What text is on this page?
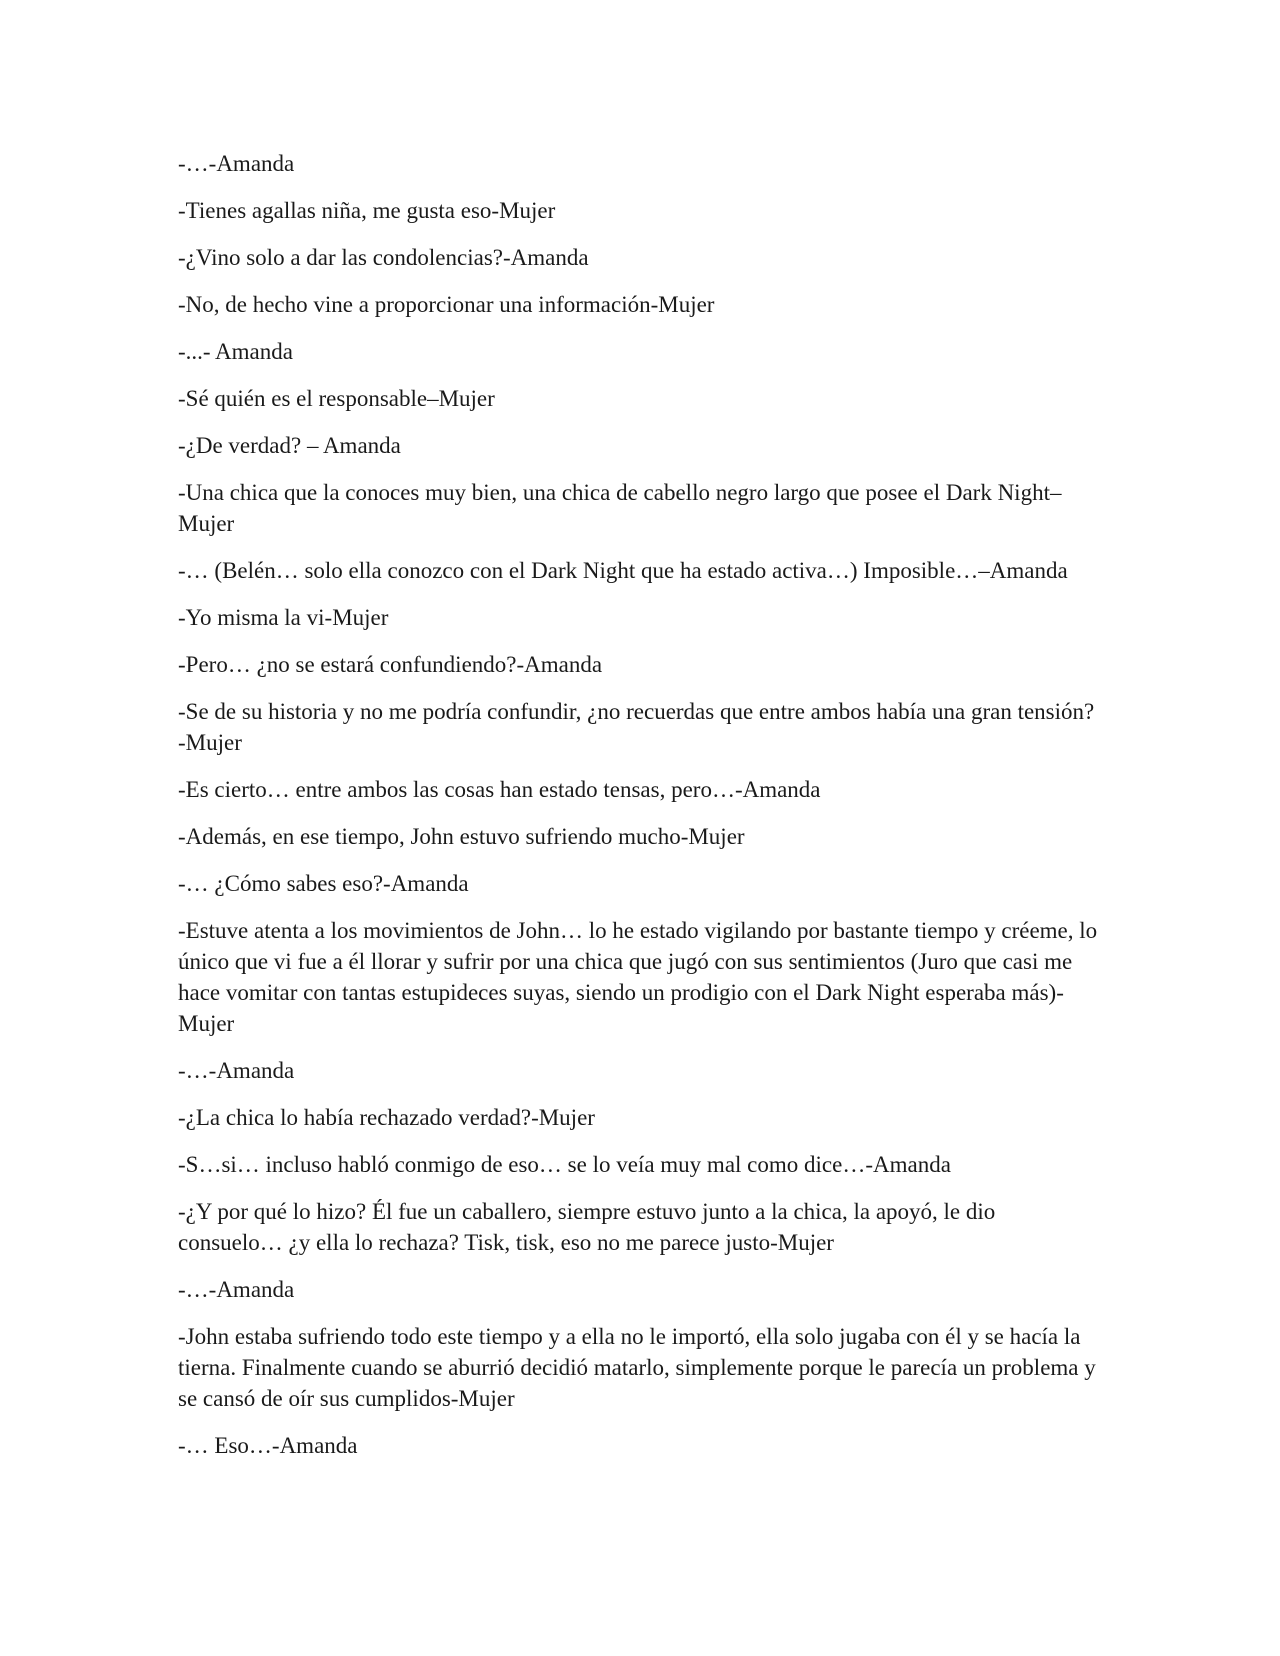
-…-Amanda

-Tienes agallas niña, me gusta eso-Mujer

-¿Vino solo a dar las condolencias?-Amanda

-No, de hecho vine a proporcionar una información-Mujer

-...- Amanda

-Sé quién es el responsable–Mujer

-¿De verdad? – Amanda

-Una chica que la conoces muy bien, una chica de cabello negro largo que posee el Dark Night–Mujer

-… (Belén… solo ella conozco con el Dark Night que ha estado activa…) Imposible…–Amanda

-Yo misma la vi-Mujer

-Pero… ¿no se estará confundiendo?-Amanda

-Se de su historia y no me podría confundir, ¿no recuerdas que entre ambos había una gran tensión?-Mujer

-Es cierto… entre ambos las cosas han estado tensas, pero…-Amanda

-Además, en ese tiempo, John estuvo sufriendo mucho-Mujer

-… ¿Cómo sabes eso?-Amanda

-Estuve atenta a los movimientos de John… lo he estado vigilando por bastante tiempo y créeme, lo único que vi fue a él llorar y sufrir por una chica que jugó con sus sentimientos (Juro que casi me hace vomitar con tantas estupideces suyas, siendo un prodigio con el Dark Night esperaba más)-Mujer

-…-Amanda

-¿La chica lo había rechazado verdad?-Mujer

-S…si… incluso habló conmigo de eso… se lo veía muy mal como dice…-Amanda

-¿Y por qué lo hizo? Él fue un caballero, siempre estuvo junto a la chica, la apoyó, le dio consuelo… ¿y ella lo rechaza? Tisk, tisk, eso no me parece justo-Mujer

-…-Amanda

-John estaba sufriendo todo este tiempo y a ella no le importó, ella solo jugaba con él y se hacía la tierna. Finalmente cuando se aburrió decidió matarlo, simplemente porque le parecía un problema y se cansó de oír sus cumplidos-Mujer

-… Eso…-Amanda
